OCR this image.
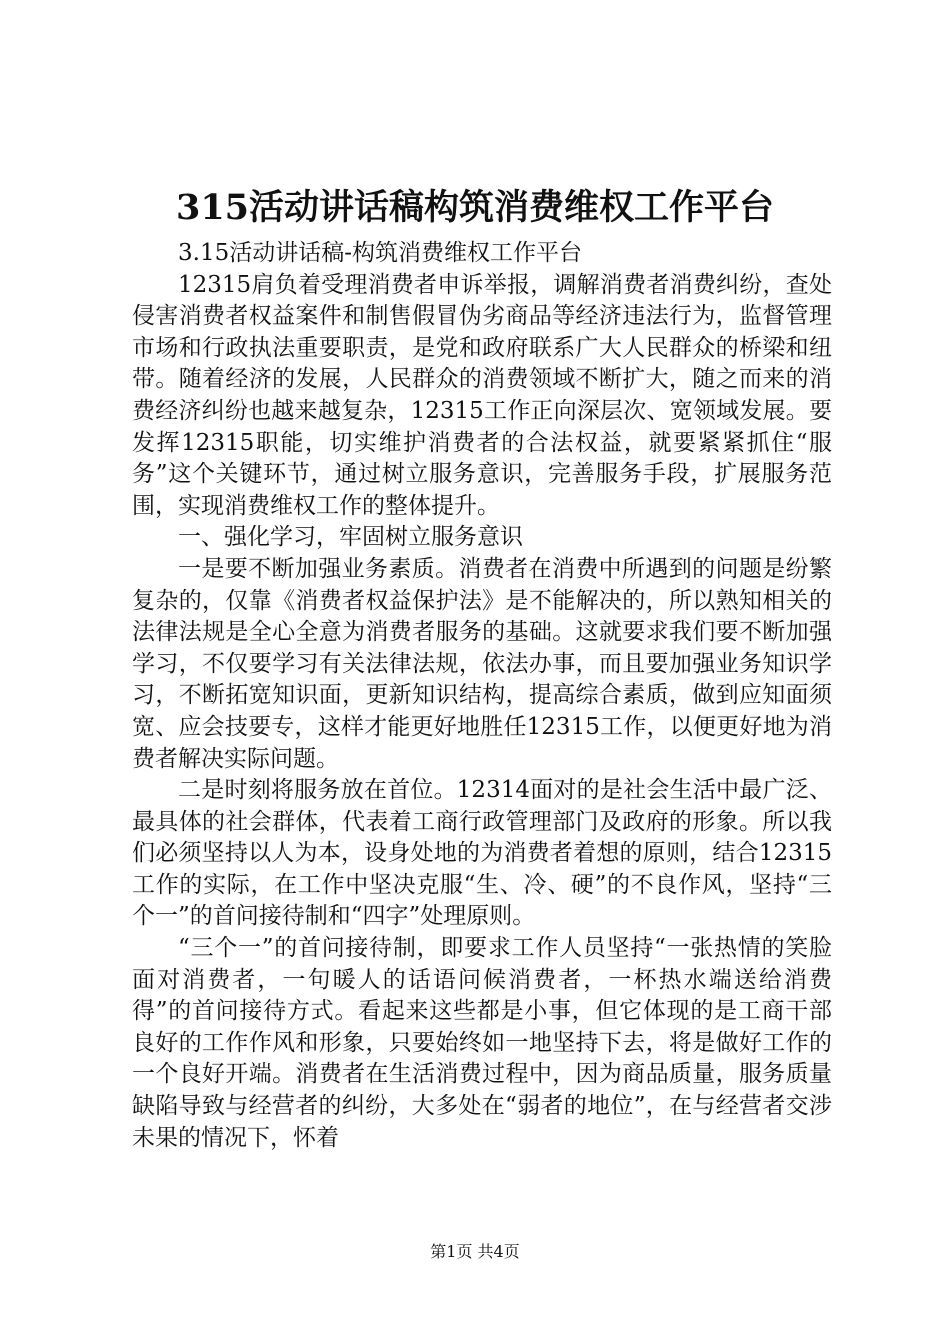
315活动讲话稿构筑消费维权工作平台

3.15活动讲话稿-构筑消费维权工作平台

12315肩负着受理消费者申诉举报，调解消费者消费纠纷，查处侵害消费者权益案件和制售假冒伪劣商品等经济违法行为，监督管理市场和行政执法重要职责，是党和政府联系广大人民群众的桥梁和纽带。随着经济的发展，人民群众的消费领域不断扩大，随之而来的消费经济纠纷也越来越复杂，12315工作正向深层次、宽领域发展。要发挥12315职能，切实维护消费者的合法权益，就要紧紧抓住“服务”这个关键环节，通过树立服务意识，完善服务手段，扩展服务范围，实现消费维权工作的整体提升。

一、强化学习，牢固树立服务意识

一是要不断加强业务素质。消费者在消费中所遇到的问题是纷繁复杂的，仅靠《消费者权益保护法》是不能解决的，所以熟知相关的法律法规是全心全意为消费者服务的基础。这就要求我们要不断加强学习，不仅要学习有关法律法规，依法办事，而且要加强业务知识学习，不断拓宽知识面，更新知识结构，提高综合素质，做到应知面须宽、应会技要专，这样才能更好地胜任12315工作，以便更好地为消费者解决实际问题。

二是时刻将服务放在首位。12314面对的是社会生活中最广泛、最具体的社会群体，代表着工商行政管理部门及政府的形象。所以我们必须坚持以人为本，设身处地的为消费者着想的原则，结合12315工作的实际，在工作中坚决克服“生、冷、硬”的不良作风，坚持“三个一”的首问接待制和“四字”处理原则。

“三个一”的首问接待制，即要求工作人员坚持“一张热情的笑脸面对消费者，一句暖人的话语问候消费者，一杯热水端送给消费得”的首问接待方式。看起来这些都是小事，但它体现的是工商干部良好的工作作风和形象，只要始终如一地坚持下去，将是做好工作的一个良好开端。消费者在生活消费过程中，因为商品质量，服务质量缺陷导致与经营者的纠纷，大多处在“弱者的地位”，在与经营者交涉未果的情况下，怀着

第1页 共4页
